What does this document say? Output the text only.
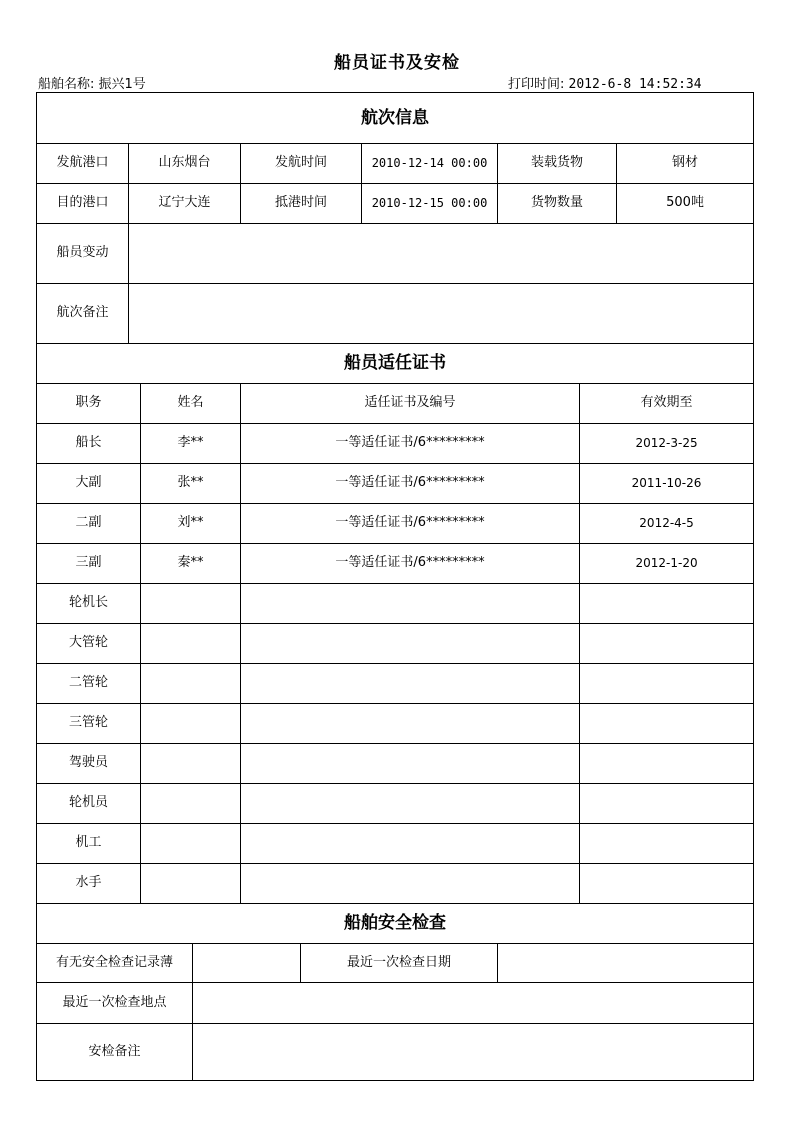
船员证书及安检
船舶名称: 振兴1号	打印时间: 2012-6-8 14:52:34
航次信息									
发航港口	山东烟台			发航时间		2010-12-14 00:00	装载货物		钢材
目的港口	辽宁大连			抵港时间		2010-12-15 00:00	货物数量		500吨
船员变动									
航次备注									
船员适任证书									
职务		姓名		适任证书及编号				有效期至	
船长		李**		一等适任证书/6*********				2012-3-25	
大副		张**		一等适任证书/6*********				2011-10-26	
二副		刘**		一等适任证书/6*********				2012-4-5	
三副		秦**		一等适任证书/6*********				2012-1-20	
轮机长									
大管轮									
二管轮									
三管轮									
驾驶员									
轮机员									
机工									
水手									
船舶安全检查									
有无安全检查记录薄					最近一次检查日期				
最近一次检查地点									
安检备注									
